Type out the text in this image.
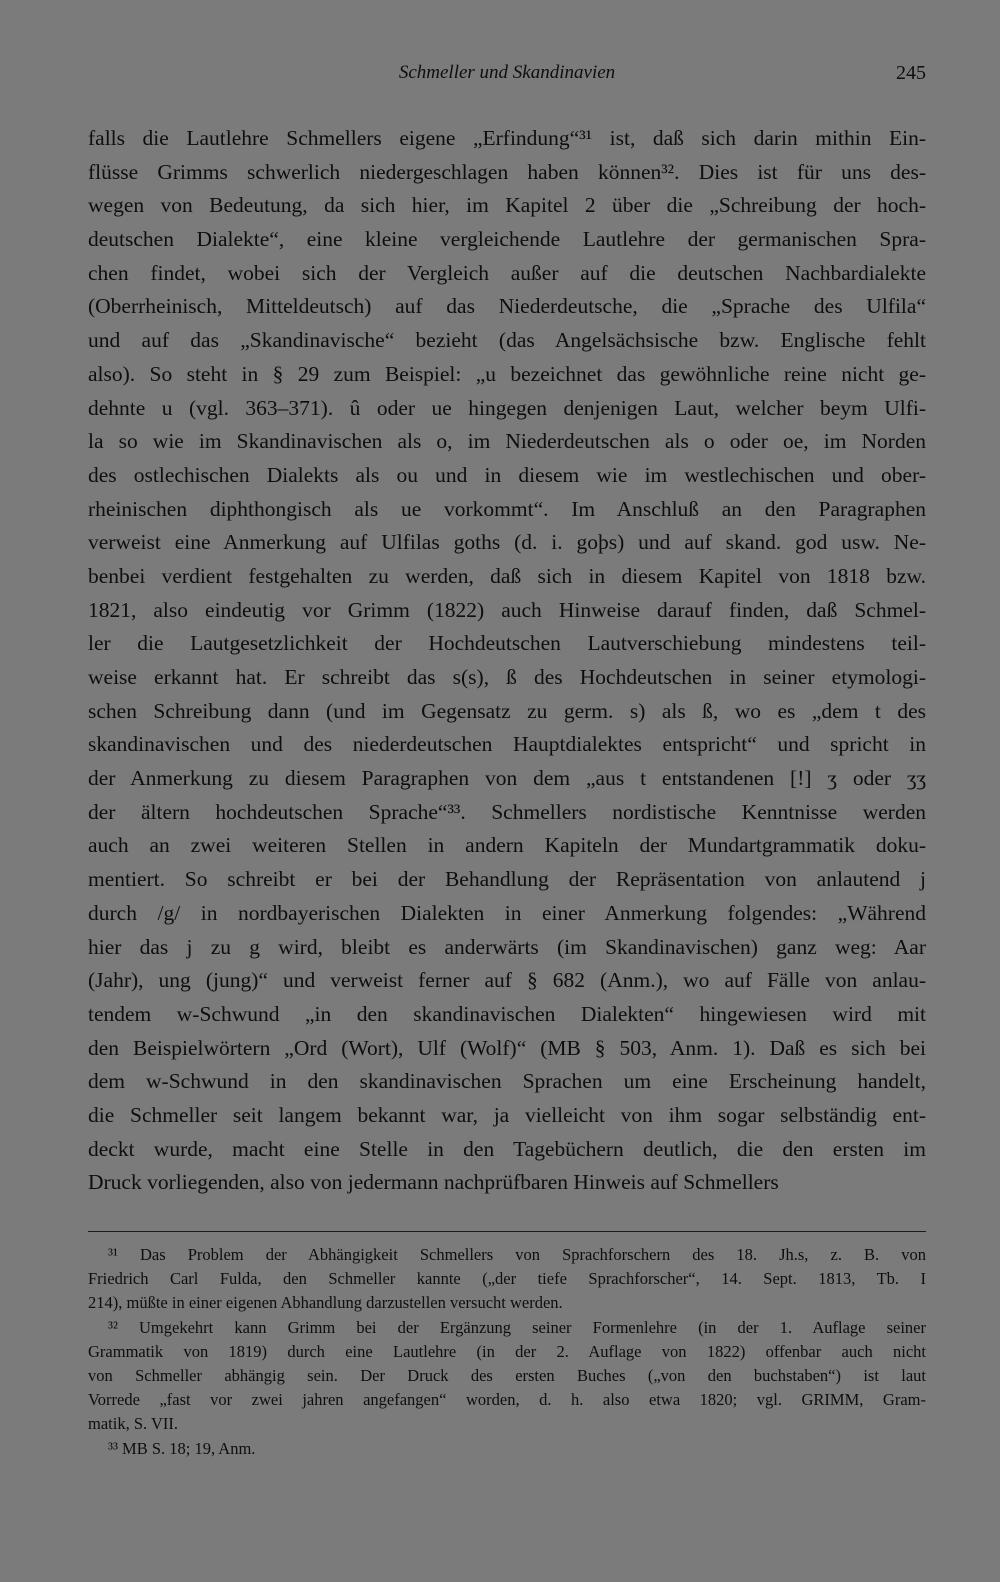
Schmeller und Skandinavien	245
falls die Lautlehre Schmellers eigene „Erfindung“³¹ ist, daß sich darin mithin Ein-
flüsse Grimms schwerlich niedergeschlagen haben können³². Dies ist für uns des-
wegen von Bedeutung, da sich hier, im Kapitel 2 über die „Schreibung der hoch-
deutschen Dialekte“, eine kleine vergleichende Lautlehre der germanischen Spra-
chen findet, wobei sich der Vergleich außer auf die deutschen Nachbardialekte
(Oberrheinisch, Mitteldeutsch) auf das Niederdeutsche, die „Sprache des Ulfila“
und auf das „Skandinavische“ bezieht (das Angelsächsische bzw. Englische fehlt
also). So steht in § 29 zum Beispiel: „u bezeichnet das gewöhnliche reine nicht ge-
dehnte u (vgl. 363–371). û oder ue hingegen denjenigen Laut, welcher beym Ulfi-
la so wie im Skandinavischen als o, im Niederdeutschen als o oder oe, im Norden
des ostlechischen Dialekts als ou und in diesem wie im westlechischen und ober-
rheinischen diphthongisch als ue vorkommt“. Im Anschluß an den Paragraphen
verweist eine Anmerkung auf Ulfilas goths (d. i. goþs) und auf skand. god usw. Ne-
benbei verdient festgehalten zu werden, daß sich in diesem Kapitel von 1818 bzw.
1821, also eindeutig vor Grimm (1822) auch Hinweise darauf finden, daß Schmel-
ler die Lautgesetzlichkeit der Hochdeutschen Lautverschiebung mindestens teil-
weise erkannt hat. Er schreibt das s(s), ß des Hochdeutschen in seiner etymologi-
schen Schreibung dann (und im Gegensatz zu germ. s) als ß, wo es „dem t des
skandinavischen und des niederdeutschen Hauptdialektes entspricht“ und spricht in
der Anmerkung zu diesem Paragraphen von dem „aus t entstandenen [!] ʒ oder ʒʒ
der ältern hochdeutschen Sprache“³³. Schmellers nordistische Kenntnisse werden
auch an zwei weiteren Stellen in andern Kapiteln der Mundartgrammatik doku-
mentiert. So schreibt er bei der Behandlung der Repräsentation von anlautend j
durch /g/ in nordbayerischen Dialekten in einer Anmerkung folgendes: „Während
hier das j zu g wird, bleibt es anderwärts (im Skandinavischen) ganz weg: Aar
(Jahr), ung (jung)“ und verweist ferner auf § 682 (Anm.), wo auf Fälle von anlau-
tendem w-Schwund „in den skandinavischen Dialekten“ hingewiesen wird mit
den Beispielwörtern „Ord (Wort), Ulf (Wolf)“ (MB § 503, Anm. 1). Daß es sich bei
dem w-Schwund in den skandinavischen Sprachen um eine Erscheinung handelt,
die Schmeller seit langem bekannt war, ja vielleicht von ihm sogar selbständig ent-
deckt wurde, macht eine Stelle in den Tagebüchern deutlich, die den ersten im
Druck vorliegenden, also von jedermann nachprüfbaren Hinweis auf Schmellers
³¹ Das Problem der Abhängigkeit Schmellers von Sprachforschern des 18. Jh.s, z. B. von
Friedrich Carl Fulda, den Schmeller kannte („der tiefe Sprachforscher“, 14. Sept. 1813, Tb. I
214), müßte in einer eigenen Abhandlung darzustellen versucht werden.
³² Umgekehrt kann Grimm bei der Ergänzung seiner Formenlehre (in der 1. Auflage seiner
Grammatik von 1819) durch eine Lautlehre (in der 2. Auflage von 1822) offenbar auch nicht
von Schmeller abhängig sein. Der Druck des ersten Buches („von den buchstaben“) ist laut
Vorrede „fast vor zwei jahren angefangen“ worden, d. h. also etwa 1820; vgl. GRIMM, Gram-
matik, S. VII.
³³ MB S. 18; 19, Anm.
